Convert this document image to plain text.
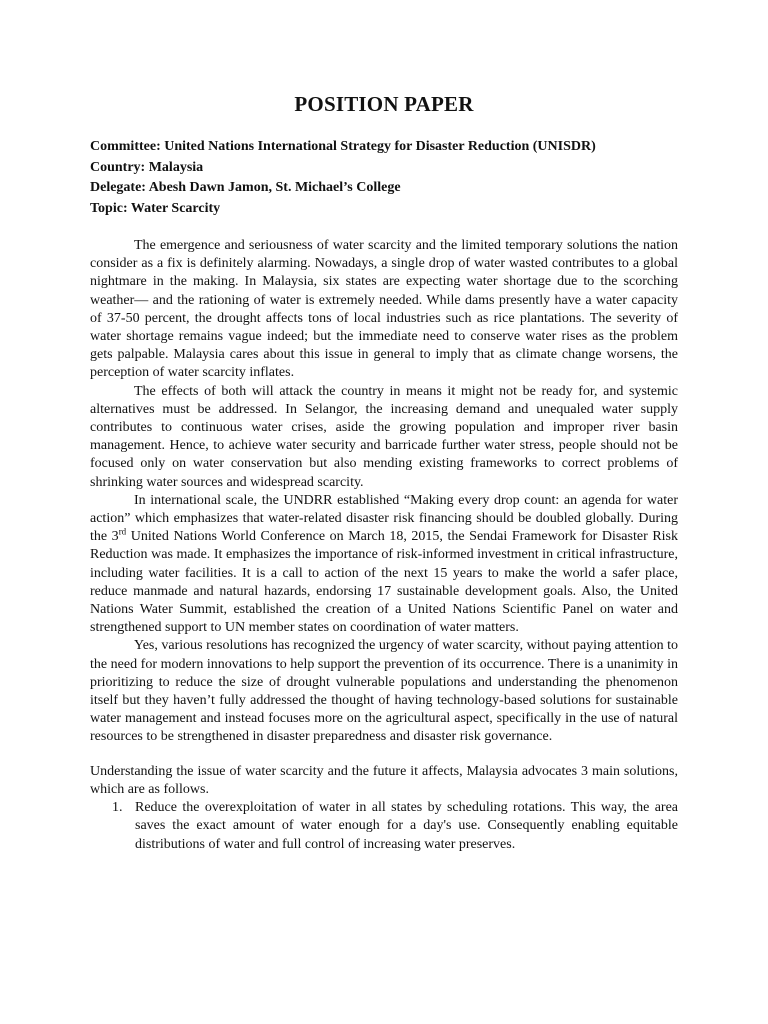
POSITION PAPER
Committee: United Nations International Strategy for Disaster Reduction (UNISDR)
Country: Malaysia
Delegate: Abesh Dawn Jamon, St. Michael’s College
Topic: Water Scarcity

The emergence and seriousness of water scarcity and the limited temporary solutions the nation consider as a fix is definitely alarming. Nowadays, a single drop of water wasted contributes to a global nightmare in the making. In Malaysia, six states are expecting water shortage due to the scorching weather— and the rationing of water is extremely needed. While dams presently have a water capacity of 37-50 percent, the drought affects tons of local industries such as rice plantations. The severity of water shortage remains vague indeed; but the immediate need to conserve water rises as the problem gets palpable. Malaysia cares about this issue in general to imply that as climate change worsens, the perception of water scarcity inflates.

The effects of both will attack the country in means it might not be ready for, and systemic alternatives must be addressed. In Selangor, the increasing demand and unequaled water supply contributes to continuous water crises, aside the growing population and improper river basin management. Hence, to achieve water security and barricade further water stress, people should not be focused only on water conservation but also mending existing frameworks to correct problems of shrinking water sources and widespread scarcity.

In international scale, the UNDRR established “Making every drop count: an agenda for water action” which emphasizes that water-related disaster risk financing should be doubled globally. During the 3rd United Nations World Conference on March 18, 2015, the Sendai Framework for Disaster Risk Reduction was made. It emphasizes the importance of risk-informed investment in critical infrastructure, including water facilities. It is a call to action of the next 15 years to make the world a safer place, reduce manmade and natural hazards, endorsing 17 sustainable development goals. Also, the United Nations Water Summit, established the creation of a United Nations Scientific Panel on water and strengthened support to UN member states on coordination of water matters.

Yes, various resolutions has recognized the urgency of water scarcity, without paying attention to the need for modern innovations to help support the prevention of its occurrence. There is a unanimity in prioritizing to reduce the size of drought vulnerable populations and understanding the phenomenon itself but they haven’t fully addressed the thought of having technology-based solutions for sustainable water management and instead focuses more on the agricultural aspect, specifically in the use of natural resources to be strengthened in disaster preparedness and disaster risk governance.

Understanding the issue of water scarcity and the future it affects, Malaysia advocates 3 main solutions, which are as follows.

1. Reduce the overexploitation of water in all states by scheduling rotations. This way, the area saves the exact amount of water enough for a day's use. Consequently enabling equitable distributions of water and full control of increasing water preserves.
